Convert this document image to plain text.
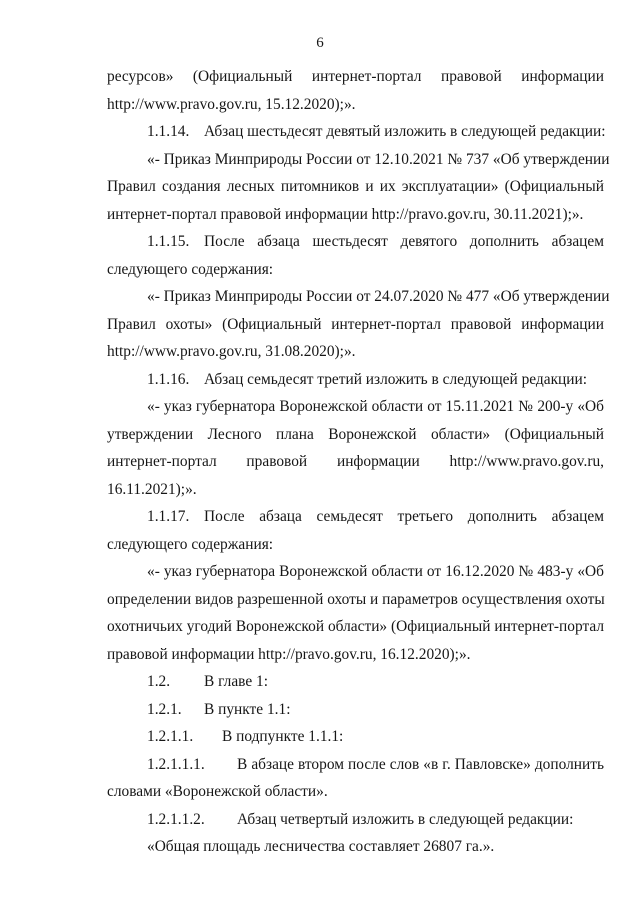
6
ресурсов» (Официальный интернет-портал правовой информации
http://www.pravo.gov.ru, 15.12.2020);».
1.1.14. Абзац шестьдесят девятый изложить в следующей редакции:
«- Приказ Минприроды России от 12.10.2021 № 737 «Об утверждении
Правил создания лесных питомников и их эксплуатации» (Официальный
интернет-портал правовой информации http://pravo.gov.ru, 30.11.2021);».
1.1.15. После абзаца шестьдесят девятого дополнить абзацем
следующего содержания:
«- Приказ Минприроды России от 24.07.2020 № 477 «Об утверждении
Правил охоты» (Официальный интернет-портал правовой информации
http://www.pravo.gov.ru, 31.08.2020);».
1.1.16. Абзац семьдесят третий изложить в следующей редакции:
«- указ губернатора Воронежской области от 15.11.2021 № 200-у «Об
утверждении Лесного плана Воронежской области» (Официальный
интернет-портал правовой информации http://www.pravo.gov.ru,
16.11.2021);».
1.1.17. После абзаца семьдесят третьего дополнить абзацем
следующего содержания:
«- указ губернатора Воронежской области от 16.12.2020 № 483-у «Об
определении видов разрешенной охоты и параметров осуществления охоты
охотничьих угодий Воронежской области» (Официальный интернет-портал
правовой информации http://pravo.gov.ru, 16.12.2020);».
1.2. В главе 1:
1.2.1. В пункте 1.1:
1.2.1.1. В подпункте 1.1.1:
1.2.1.1.1. В абзаце втором после слов «в г. Павловске» дополнить
словами «Воронежской области».
1.2.1.1.2. Абзац четвертый изложить в следующей редакции:
«Общая площадь лесничества составляет 26807 га.».
